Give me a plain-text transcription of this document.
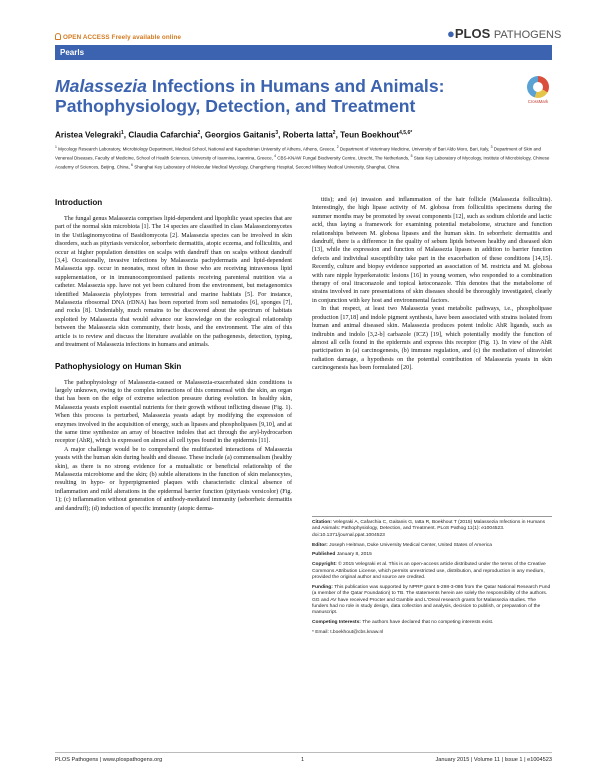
OPEN ACCESS Freely available online	●PLOS PATHOGENS
Pearls
CrossMark
Malassezia Infections in Humans and Animals: Pathophysiology, Detection, and Treatment
Aristea Velegraki$^1$, Claudia Cafarchia$^2$, Georgios Gaitanis$^3$, Roberta Iatta$^2$, Teun Boekhout$^{4,5,6*}$
$^1$ Mycology Research Laboratory, Microbiology Department, Medical School, National and Kapodistrian University of Athens, Athens, Greece, $^2$ Department of Veterinary Medicine, University of Bari Aldo Moro, Bari, Italy, $^3$ Department of Skin and Venereal Diseases, Faculty of Medicine, School of Health Sciences, University of Ioannina, Ioannina, Greece, $^4$ CBS-KNAW Fungal Biodiversity Centre, Utrecht, The Netherlands, $^5$ State Key Laboratory of Mycology, Institute of Microbiology, Chinese Academy of Sciences, Beijing, China, $^6$ Shanghai Key Laboratory of Molecular Medical Mycology, Changzheng Hospital, Second Military Medical University, Shanghai, China
Introduction

The fungal genus Malassezia comprises lipid-dependent and lipophilic yeast species that are part of the normal skin microbiota [1]. The 14 species are classified in class Malasseziomycetes in the Ustilaginomycotina of Basidiomycota [2]. Malassezia species can be involved in skin disorders, such as pityriasis versicolor, seborrheic dermatitis, atopic eczema, and folliculitis, and occur at higher population densities on scalps with dandruff than on scalps without dandruff [3,4]. Occasionally, invasive infections by Malassezia pachydermatis and lipid-dependent Malassezia spp. occur in neonates, most often in those who are receiving intravenous lipid supplementation, or in immunocompromised patients receiving parenteral nutrition via a catheter. Malassezia spp. have not yet been cultured from the environment, but metagenomics identified Malassezia phylotypes from terrestrial and marine habitats [5]. For instance, Malassezia ribosomal DNA (rDNA) has been reported from soil nematodes [6], sponges [7], and rocks [8]. Undeniably, much remains to be discovered about the spectrum of habitats exploited by Malassezia that would advance our knowledge on the ecological relationship between the Malassezia skin community, their hosts, and the environment. The aim of this article is to review and discuss the literature available on the pathogenesis, detection, typing, and treatment of Malassezia infections in humans and animals.

Pathophysiology on Human Skin

The pathophysiology of Malassezia-caused or Malassezia-exacerbated skin conditions is largely unknown, owing to the complex interactions of this commensal with the skin, an organ that has been on the edge of extreme selection pressure during evolution. In healthy skin, Malassezia yeasts exploit essential nutrients for their growth without inflicting disease (Fig. 1). When this process is perturbed, Malassezia yeasts adapt by modifying the expression of enzymes involved in the acquisition of energy, such as lipases and phospholipases [9,10], and at the same time synthesize an array of bioactive indoles that act through the aryl-hydrocarbon receptor (AhR), which is expressed on almost all cell types found in the epidermis [11].

A major challenge would be to comprehend the multifaceted interactions of Malassezia yeasts with the human skin during health and disease. These include (a) commensalism (healthy skin), as there is no strong evidence for a mutualistic or beneficial relationship of the Malassezia microbiome and the skin; (b) subtle alterations in the function of skin melanocytes, resulting in hypo- or hyperpigmented plaques with characteristic clinical absence of inflammation and mild alterations in the epidermal barrier function (pityriasis versicolor) (Fig. 1); (c) inflammation without generation of antibody-mediated immunity (seborrheic dermatitis and dandruff); (d) induction of specific immunity (atopic derma-

titis); and (e) invasion and inflammation of the hair follicle (Malassezia folliculitis). Interestingly, the high lipase activity of M. globosa from folliculitis specimens during the summer months may be promoted by sweat components [12], such as sodium chloride and lactic acid, thus laying a framework for examining potential metabolome, structure and function relationships between M. globosa lipases and the human skin. In seborrheic dermatitis and dandruff, there is a difference in the quality of sebum lipids between healthy and diseased skin [13], while the expression and function of Malassezia lipases in addition to barrier function defects and individual susceptibility take part in the exacerbation of these conditions [14,15]. Recently, culture and biopsy evidence supported an association of M. restricta and M. globosa with rare nipple hyperkeratotic lesions [16] in young women, who responded to a combination therapy of oral itraconazole and topical ketoconazole. This denotes that the metabolome of strains involved in rare presentations of skin diseases should be thoroughly investigated, clearly in conjunction with key host and environmental factors.

In that respect, at least two Malassezia yeast metabolic pathways, i.e., phospholipase production [17,18] and indole pigment synthesis, have been associated with strains isolated from human and animal diseased skin. Malassezia produces potent indolic AhR ligands, such as indirubin and indolo [3,2-b] carbazole (ICZ) [19], which potentially modify the function of almost all cells found in the epidermis and express this receptor (Fig. 1). In view of the AhR participation in (a) carcinogenesis, (b) immune regulation, and (c) the mediation of ultraviolet radiation damage, a hypothesis on the potential contribution of Malassezia yeasts in skin carcinogenesis has been formulated [20].

Citation: Velegraki A, Cafarchia C, Gaitanis G, Iatta R, Boekhout T (2015) Malassezia Infections in Humans and Animals: Pathophysiology, Detection, and Treatment. PLoS Pathog 11(1): e1004523. doi:10.1371/journal.ppat.1004523
Editor: Joseph Heitman, Duke University Medical Center, United States of America
Published January 8, 2015
Copyright: © 2015 Velegraki et al. This is an open-access article distributed under the terms of the Creative Commons Attribution License, which permits unrestricted use, distribution, and reproduction in any medium, provided the original author and source are credited.
Funding: This publication was supported by NPRP grant 5-298-3-086 from the Qatar National Research Fund (a member of the Qatar Foundation) to TB. The statements herein are solely the responsibility of the authors. GG and AV have received Procter and Gamble and L'Oreal research grants for Malassezia studies. The funders had no role in study design, data collection and analysis, decision to publish, or preparation of the manuscript.
Competing Interests: The authors have declared that no competing interests exist.
* Email: t.boekhout@cbs.knaw.nl
PLOS Pathogens | www.plospathogens.org	1	January 2015 | Volume 11 | Issue 1 | e1004523
